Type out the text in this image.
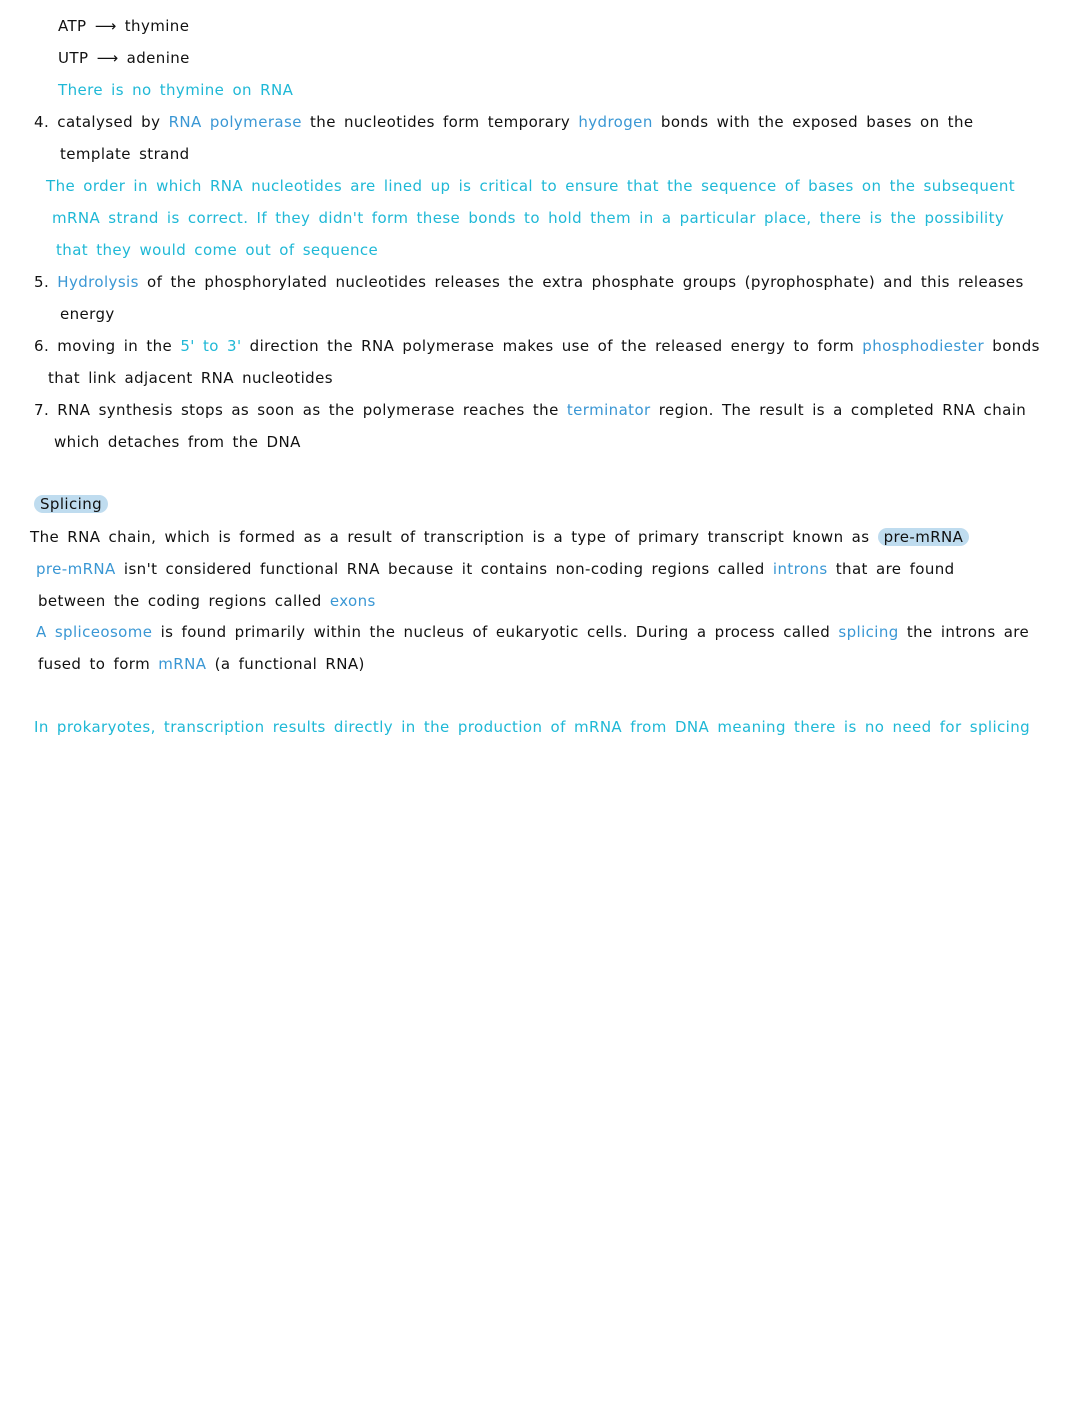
ATP ⟶ thymine
UTP ⟶ adenine
There is no thymine on RNA
4. catalysed by RNA polymerase the nucleotides form temporary hydrogen bonds with the exposed bases on the
template strand
The order in which RNA nucleotides are lined up is critical to ensure that the sequence of bases on the subsequent
mRNA strand is correct. If they didn't form these bonds to hold them in a particular place, there is the possibility
that they would come out of sequence
5. Hydrolysis of the phosphorylated nucleotides releases the extra phosphate groups (pyrophosphate) and this releases
energy
6. moving in the 5' to 3' direction the RNA polymerase makes use of the released energy to form phosphodiester bonds
that link adjacent RNA nucleotides
7. RNA synthesis stops as soon as the polymerase reaches the terminator region. The result is a completed RNA chain
which detaches from the DNA
Splicing
The RNA chain, which is formed as a result of transcription is a type of primary transcript known as pre-mRNA
pre-mRNA isn't considered functional RNA because it contains non-coding regions called introns that are found
between the coding regions called exons
A spliceosome is found primarily within the nucleus of eukaryotic cells. During a process called splicing the introns are
fused to form mRNA (a functional RNA)
In prokaryotes, transcription results directly in the production of mRNA from DNA meaning there is no need for splicing
